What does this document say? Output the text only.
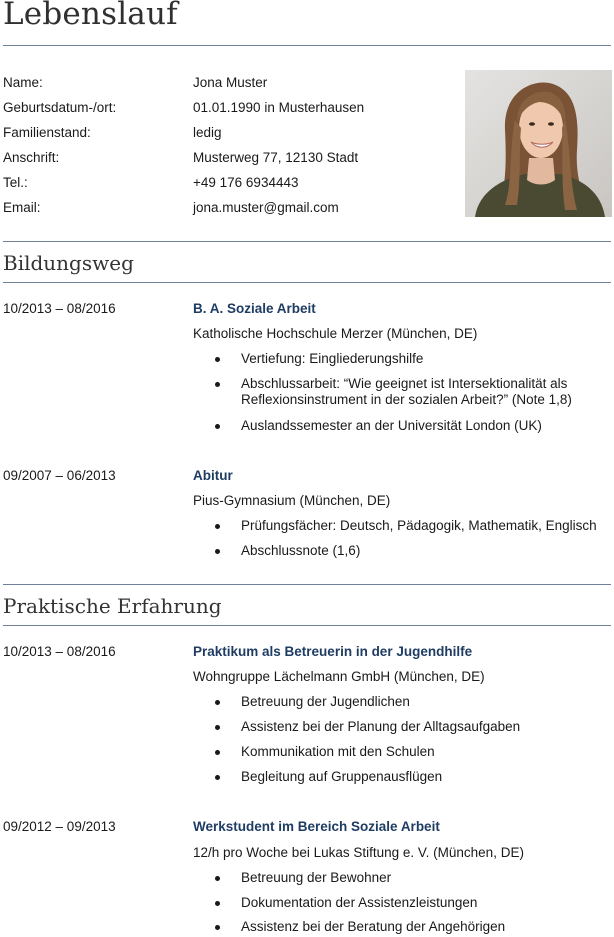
Lebenslauf
Name:	Jona Muster
Geburtsdatum-/ort:	01.01.1990 in Musterhausen
Familienstand:	ledig
Anschrift:	Musterweg 77, 12130 Stadt
Tel.:	+49 176 6934443
Email:	jona.muster@gmail.com
Bildungsweg
10/2013 – 08/2016	B. A. Soziale Arbeit
Katholische Hochschule Merzer (München, DE)
Vertiefung: Eingliederungshilfe
Abschlussarbeit: “Wie geeignet ist Intersektionalität als Reflexionsinstrument in der sozialen Arbeit?” (Note 1,8)
Auslandssemester an der Universität London (UK)
09/2007 – 06/2013	Abitur
Pius-Gymnasium (München, DE)
Prüfungsfächer: Deutsch, Pädagogik, Mathematik, Englisch
Abschlussnote (1,6)
Praktische Erfahrung
10/2013 – 08/2016	Praktikum als Betreuerin in der Jugendhilfe
Wohngruppe Lächelmann GmbH (München, DE)
Betreuung der Jugendlichen
Assistenz bei der Planung der Alltagsaufgaben
Kommunikation mit den Schulen
Begleitung auf Gruppenausflügen
09/2012 – 09/2013	Werkstudent im Bereich Soziale Arbeit
12/h pro Woche bei Lukas Stiftung e. V. (München, DE)
Betreuung der Bewohner
Dokumentation der Assistenzleistungen
Assistenz bei der Beratung der Angehörigen
